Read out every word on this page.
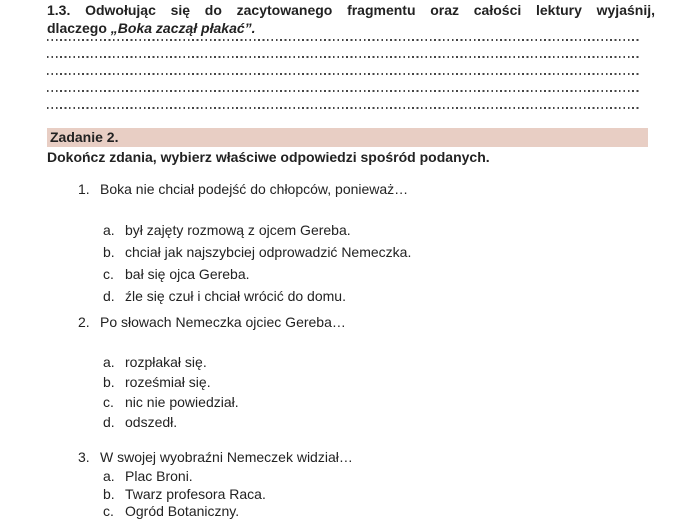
1.3. Odwołując się do zacytowanego fragmentu oraz całości lektury wyjaśnij,
dlaczego „Boka zaczął płakać”.
Zadanie 2.
Dokończ zdania, wybierz właściwe odpowiedzi spośród podanych.
1. Boka nie chciał podejść do chłopców, ponieważ…
a. był zajęty rozmową z ojcem Gereba.
b. chciał jak najszybciej odprowadzić Nemeczka.
c. bał się ojca Gereba.
d. źle się czuł i chciał wrócić do domu.
2. Po słowach Nemeczka ojciec Gereba…
a. rozpłakał się.
b. roześmiał się.
c. nic nie powiedział.
d. odszedł.
3. W swojej wyobraźni Nemeczek widział…
a. Plac Broni.
b. Twarz profesora Raca.
c. Ogród Botaniczny.
